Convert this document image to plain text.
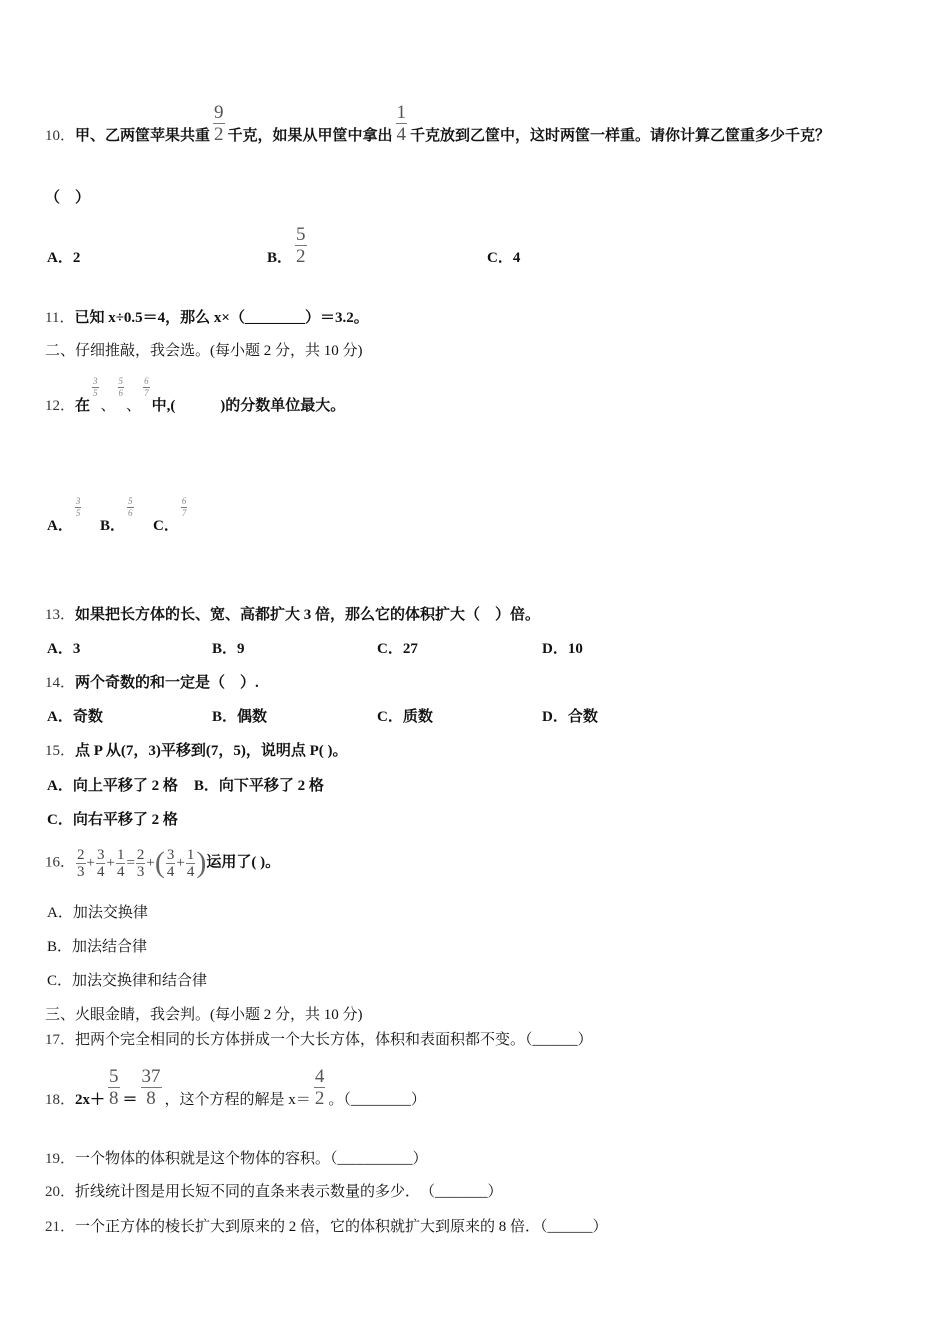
10．甲、乙两筐苹果共重 $\frac{9}{2}$ 千克，如果从甲筐中拿出 $\frac{1}{4}$ 千克放到乙筐中，这时两筐一样重。请你计算乙筐重多少千克？
（　）
A．2	B． $\frac{5}{2}$	C．4
11．已知 x÷0.5＝4，那么 x×（________）＝3.2。
二、仔细推敲，我会选。(每小题 2 分，共 10 分)
12．在
$\frac{3}{5}$
、
$\frac{5}{6}$
、
$\frac{6}{7}$
中,(　　　)的分数单位最大。
A．
$\frac{3}{5}$
B．
$\frac{5}{6}$
C．
$\frac{6}{7}$
13．如果把长方体的长、宽、高都扩大 3 倍，那么它的体积扩大（　）倍。
A．3	B．9	C．27	D．10
14．两个奇数的和一定是（　）.
A．奇数	B．偶数	C．质数	D．合数
15．点 P 从(7，3)平移到(7，5)，说明点 P( )。
A．向上平移了 2 格 B．向下平移了 2 格
C．向右平移了 2 格
16． $\frac{2}{3} + \frac{3}{4} + \frac{1}{4} = \frac{2}{3}$ +( $\frac{3}{4} + \frac{1}{4}$ )运用了( )。
A．加法交换律
B．加法结合律
C．加法交换律和结合律
三、火眼金睛，我会判。(每小题 2 分，共 10 分)
17．把两个完全相同的长方体拼成一个大长方体，体积和表面积都不变。（______）
18．$2x+ \frac{5}{8} = \frac{37}{8}$ ，这个方程的解是 $x= \frac{4}{2}$ 。（________）
19．一个物体的体积就是这个物体的容积。（__________）
20．折线统计图是用长短不同的直条来表示数量的多少．　（_______）
21．一个正方体的棱长扩大到原来的 2 倍，它的体积就扩大到原来的 8 倍．（______）
